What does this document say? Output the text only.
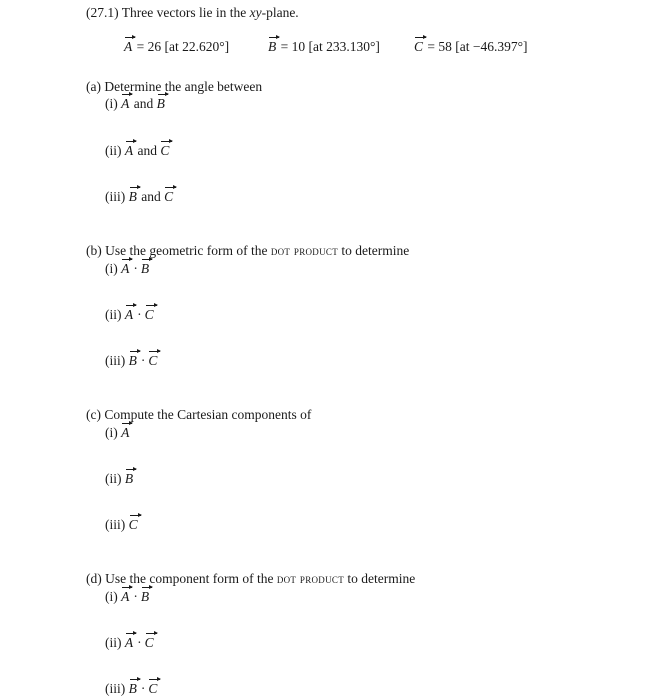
(27.1) Three vectors lie in the xy-plane.
A = 26 [at 22.620°]	B = 10 [at 233.130°]	C = 58 [at −46.397°]
(a) Determine the angle between
(i) A and B
(ii) A and C
(iii) B and C
(b) Use the geometric form of the dot product to determine
(i) A · B
(ii) A · C
(iii) B · C
(c) Compute the Cartesian components of
(i) A
(ii) B
(iii) C
(d) Use the component form of the dot product to determine
(i) A · B
(ii) A · C
(iii) B · C
